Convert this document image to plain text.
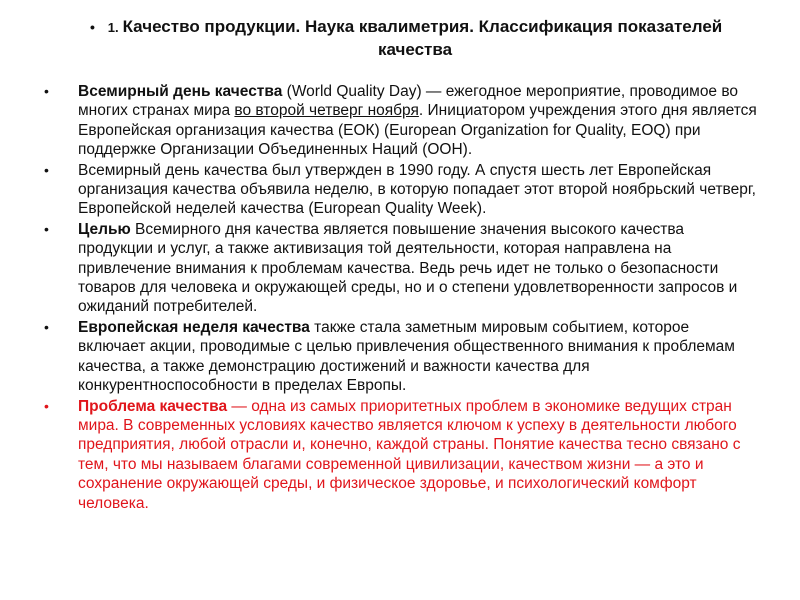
• 1. Качество продукции. Наука квалиметрия. Классификация показателей качества
• Всемирный день качества (World Quality Day) — ежегодное мероприятие, проводимое во многих странах мира во второй четверг ноября. Инициатором учреждения этого дня является Европейская организация качества (ЕОК) (European Organization for Quality, EOQ) при поддержке Организации Объединенных Наций (ООН).
• Всемирный день качества был утвержден в 1990 году. А спустя шесть лет Европейская организация качества объявила неделю, в которую попадает этот второй ноябрьский четверг, Европейской неделей качества (European Quality Week).
• Целью Всемирного дня качества является повышение значения высокого качества продукции и услуг, а также активизация той деятельности, которая направлена на привлечение внимания к проблемам качества. Ведь речь идет не только о безопасности товаров для человека и окружающей среды, но и о степени удовлетворенности запросов и ожиданий потребителей.
• Европейская неделя качества также стала заметным мировым событием, которое включает акции, проводимые с целью привлечения общественного внимания к проблемам качества, а также демонстрацию достижений и важности качества для конкурентноспособности в пределах Европы.
• Проблема качества — одна из самых приоритетных проблем в экономике ведущих стран мира. В современных условиях качество является ключом к успеху в деятельности любого предприятия, любой отрасли и, конечно, каждой страны. Понятие качества тесно связано с тем, что мы называем благами современной цивилизации, качеством жизни — а это и сохранение окружающей среды, и физическое здоровье, и психологический комфорт человека.
